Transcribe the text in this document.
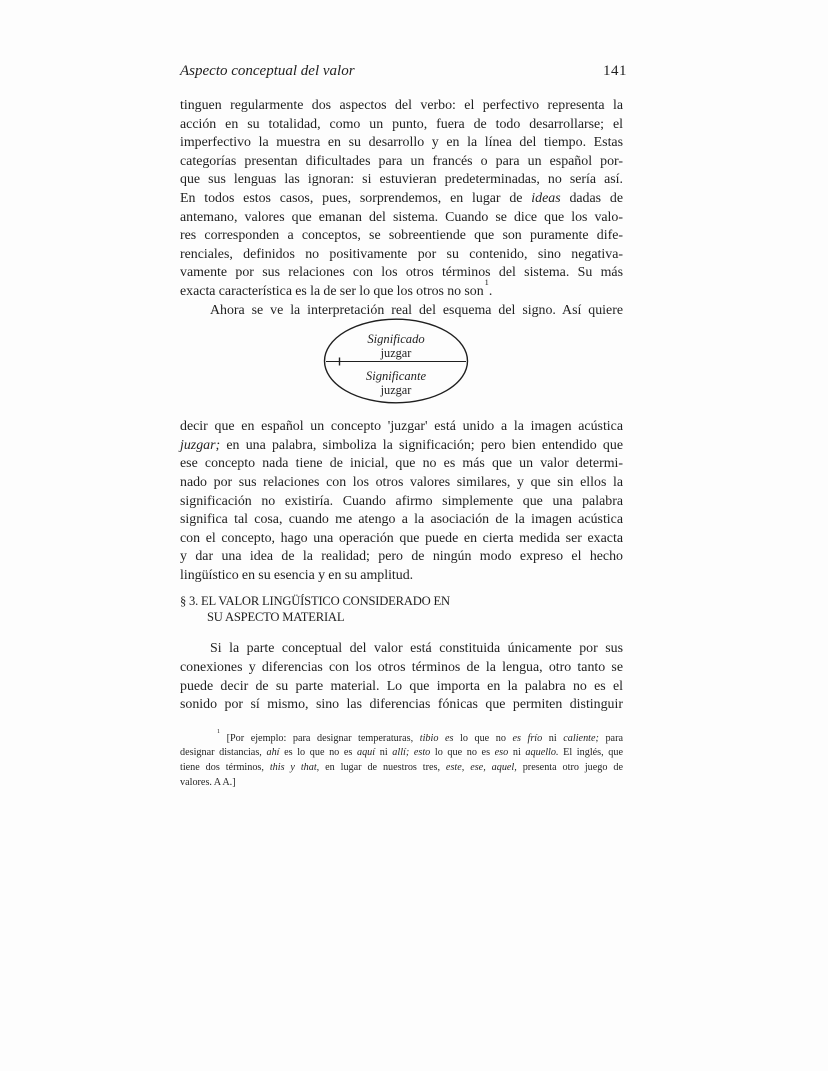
Aspecto conceptual del valor	141
tinguen regularmente dos aspectos del verbo: el perfectivo representa la
acción en su totalidad, como un punto, fuera de todo desarrollarse; el
imperfectivo la muestra en su desarrollo y en la línea del tiempo. Estas
categorías presentan dificultades para un francés o para un español por-
que sus lenguas las ignoran: si estuvieran predeterminadas, no sería así.
En todos estos casos, pues, sorprendemos, en lugar de ideas dadas de
antemano, valores que emanan del sistema. Cuando se dice que los valo-
res corresponden a conceptos, se sobreentiende que son puramente dife-
renciales, definidos no positivamente por su contenido, sino negativa-
vamente por sus relaciones con los otros términos del sistema. Su más
exacta característica es la de ser lo que los otros no son$^1$.
Ahora se ve la interpretación real del esquema del signo. Así quiere
Significado
juzgar
Significante
juzgar
decir que en español un concepto 'juzgar' está unido a la imagen acústica
juzgar; en una palabra, simboliza la significación; pero bien entendido que
ese concepto nada tiene de inicial, que no es más que un valor determi-
nado por sus relaciones con los otros valores similares, y que sin ellos la
significación no existiría. Cuando afirmo simplemente que una palabra
significa tal cosa, cuando me atengo a la asociación de la imagen acústica
con el concepto, hago una operación que puede en cierta medida ser exacta
y dar una idea de la realidad; pero de ningún modo expreso el hecho
lingüístico en su esencia y en su amplitud.
§ 3. EL VALOR LINGÜÍSTICO CONSIDERADO EN
SU ASPECTO MATERIAL
Si la parte conceptual del valor está constituida únicamente por sus
conexiones y diferencias con los otros términos de la lengua, otro tanto se
puede decir de su parte material. Lo que importa en la palabra no es el
sonido por sí mismo, sino las diferencias fónicas que permiten distinguir
$^1$ [Por ejemplo: para designar temperaturas, tibio es lo que no es frío ni caliente; para
designar distancias, ahí es lo que no es aquí ni allí; esto lo que no es eso ni aquello. El inglés, que
tiene dos términos, this y that, en lugar de nuestros tres, este, ese, aquel, presenta otro juego de
valores. A A.]
